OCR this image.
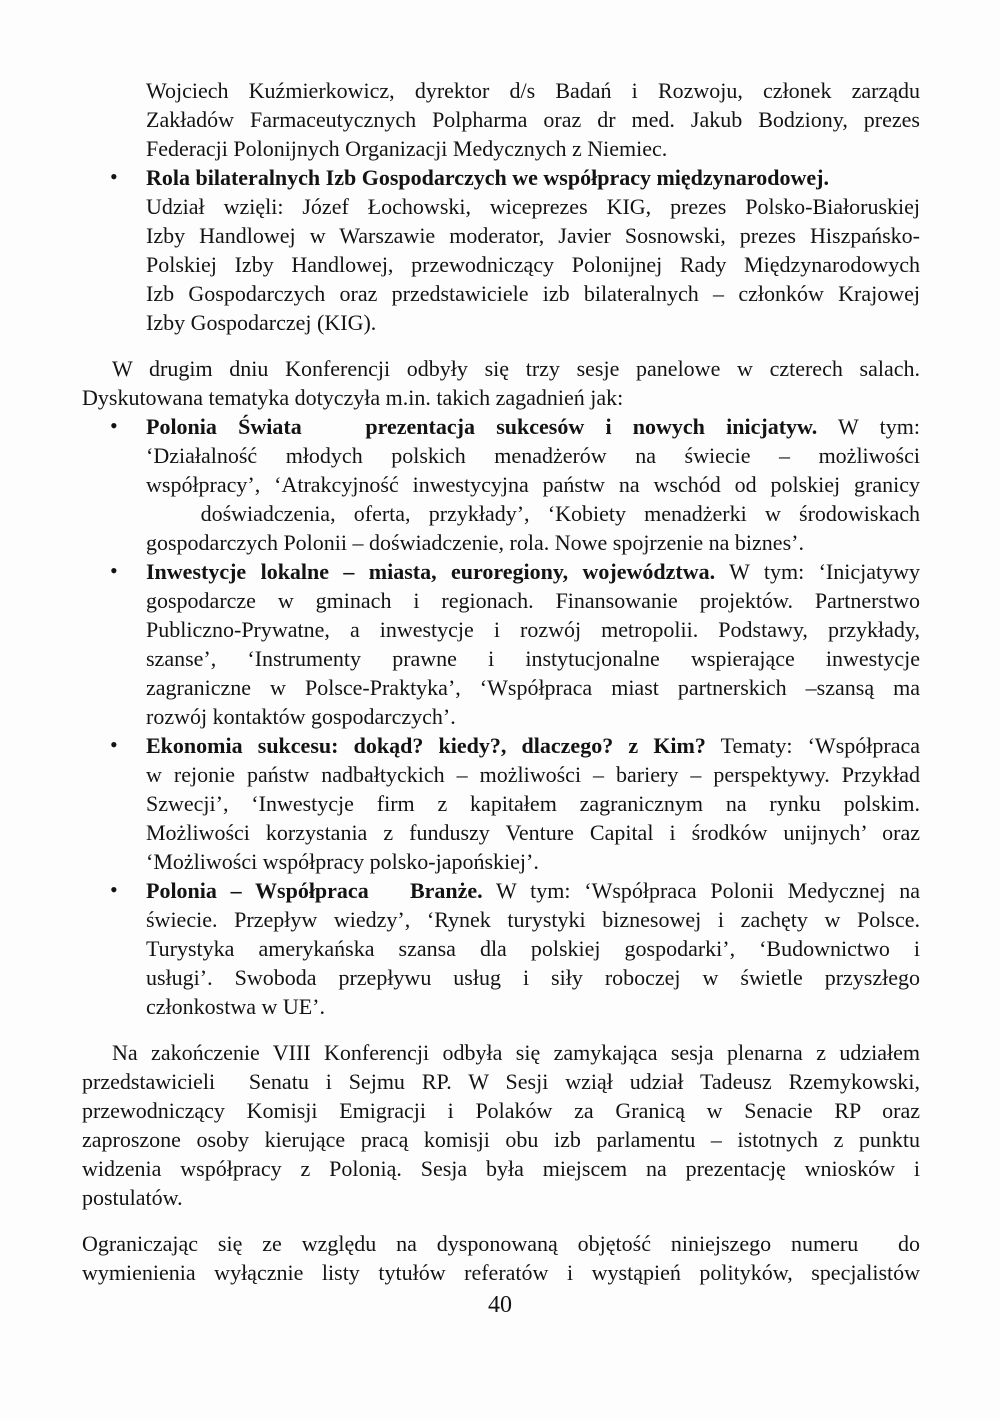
Wojciech Kuźmierkowicz, dyrektor d/s Badań i Rozwoju, członek zarządu
Zakładów Farmaceutycznych Polpharma oraz dr med. Jakub Bodziony, prezes
Federacji Polonijnych Organizacji Medycznych z Niemiec.
• Rola bilateralnych Izb Gospodarczych we współpracy międzynarodowej.
Udział wzięli: Józef Łochowski, wiceprezes KIG, prezes Polsko-Białoruskiej
Izby Handlowej w Warszawie moderator, Javier Sosnowski, prezes Hiszpańsko-
Polskiej Izby Handlowej, przewodniczący Polonijnej Rady Międzynarodowych
Izb Gospodarczych oraz przedstawiciele izb bilateralnych – członków Krajowej
Izby Gospodarczej (KIG).
W drugim dniu Konferencji odbyły się trzy sesje panelowe w czterech salach.
Dyskutowana tematyka dotyczyła m.in. takich zagadnień jak:
• Polonia Świata   prezentacja sukcesów i nowych inicjatyw. W tym:
‘Działalność młodych polskich menadżerów na świecie – możliwości
współpracy’, ‘Atrakcyjność inwestycyjna państw na wschód od polskiej granicy
doświadczenia, oferta, przykłady’, ‘Kobiety menadżerki w środowiskach
gospodarczych Polonii – doświadczenie, rola. Nowe spojrzenie na biznes’.
• Inwestycje lokalne – miasta, euroregiony, województwa. W tym: ‘Inicjatywy
gospodarcze w gminach i regionach. Finansowanie projektów. Partnerstwo
Publiczno-Prywatne, a inwestycje i rozwój metropolii. Podstawy, przykłady,
szanse’, ‘Instrumenty prawne i instytucjonalne wspierające inwestycje
zagraniczne w Polsce-Praktyka’, ‘Współpraca miast partnerskich –szansą ma
rozwój kontaktów gospodarczych’.
• Ekonomia sukcesu: dokąd? kiedy?, dlaczego? z Kim? Tematy: ‘Współpraca
w rejonie państw nadbałtyckich – możliwości – bariery – perspektywy. Przykład
Szwecji’, ‘Inwestycje firm z kapitałem zagranicznym na rynku polskim.
Możliwości korzystania z funduszy Venture Capital i środków unijnych’ oraz
‘Możliwości współpracy polsko-japońskiej’.
• Polonia – Współpraca   Branże. W tym: ‘Współpraca Polonii Medycznej na
świecie. Przepływ wiedzy’, ‘Rynek turystyki biznesowej i zachęty w Polsce.
Turystyka amerykańska szansa dla polskiej gospodarki’, ‘Budownictwo i
usługi’. Swoboda przepływu usług i siły roboczej w świetle przyszłego
członkostwa w UE’.
Na zakończenie VIII Konferencji odbyła się zamykająca sesja plenarna z udziałem
przedstawicieli  Senatu i Sejmu RP. W Sesji wziął udział Tadeusz Rzemykowski,
przewodniczący Komisji Emigracji i Polaków za Granicą w Senacie RP oraz
zaproszone osoby kierujące pracą komisji obu izb parlamentu – istotnych z punktu
widzenia współpracy z Polonią. Sesja była miejscem na prezentację wniosków i
postulatów.
Ograniczając się ze względu na dysponowaną objętość niniejszego numeru  do
wymienienia wyłącznie listy tytułów referatów i wystąpień polityków, specjalistów
40
